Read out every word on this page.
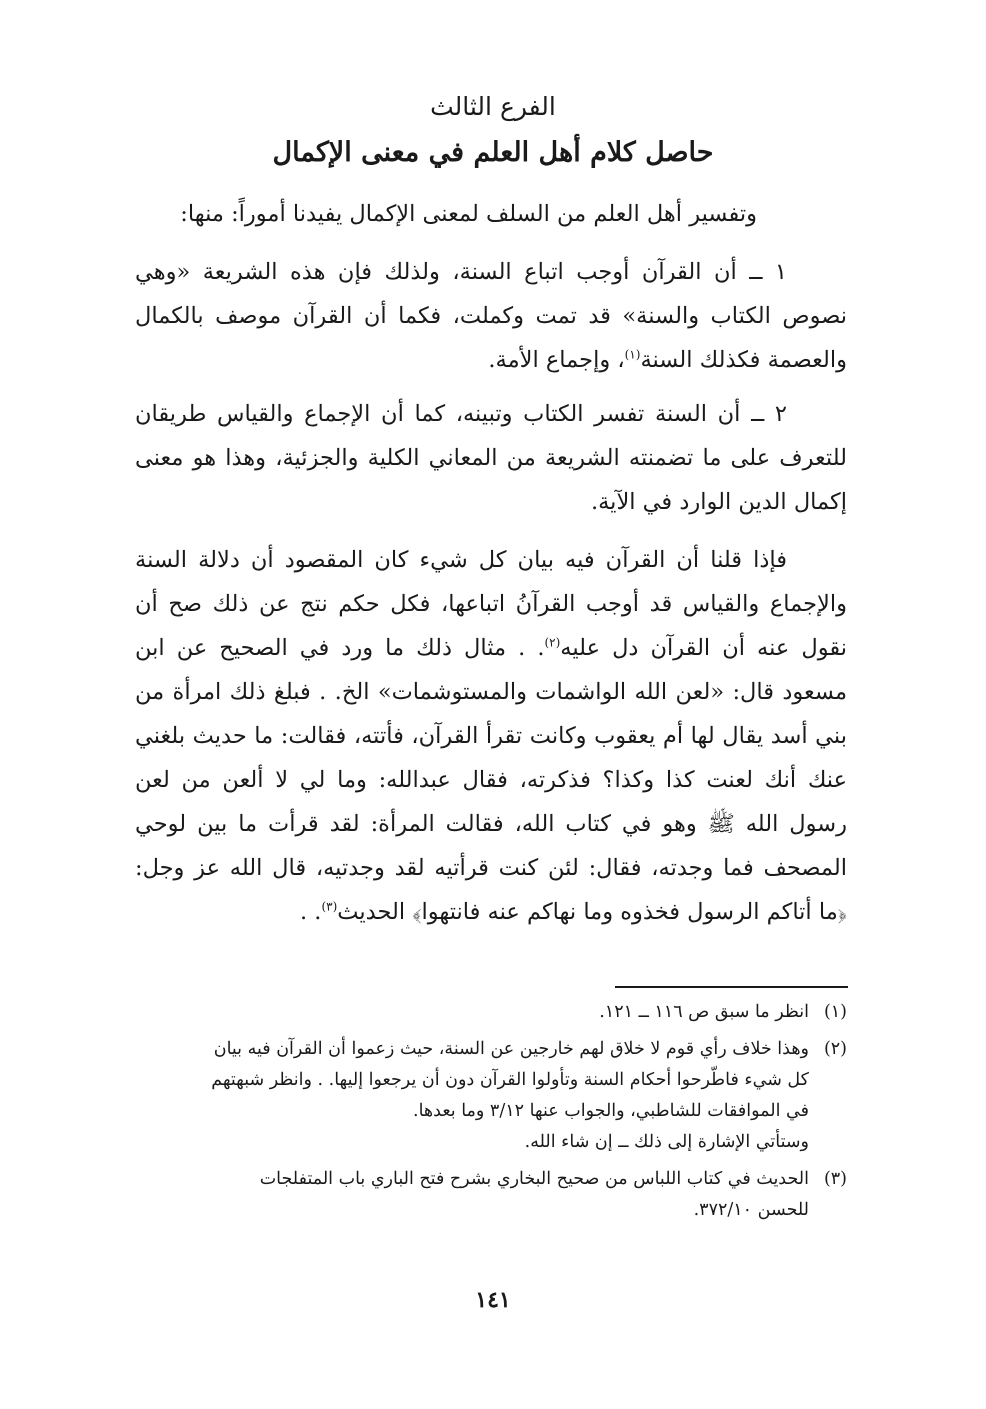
الفرع الثالث
حاصل كلام أهل العلم في معنى الإكمال
وتفسير أهل العلم من السلف لمعنى الإكمال يفيدنا أموراً: منها:
١ ــ أن القرآن أوجب اتباع السنة، ولذلك فإن هذه الشريعة «وهي نصوص الكتاب والسنة» قد تمت وكملت، فكما أن القرآن موصف بالكمال والعصمة فكذلك السنة$^{(١)}$، وإجماع الأمة.
٢ ــ أن السنة تفسر الكتاب وتبينه، كما أن الإجماع والقياس طريقان للتعرف على ما تضمنته الشريعة من المعاني الكلية والجزئية، وهذا هو معنى إكمال الدين الوارد في الآية.
فإذا قلنا أن القرآن فيه بيان كل شيء كان المقصود أن دلالة السنة والإجماع والقياس قد أوجب القرآنُ اتباعها، فكل حكم نتج عن ذلك صح أن نقول عنه أن القرآن دل عليه$^{(٢)}$. . مثال ذلك ما ورد في الصحيح عن ابن مسعود قال: «لعن الله الواشمات والمستوشمات» الخ. . فبلغ ذلك امرأة من بني أسد يقال لها أم يعقوب وكانت تقرأ القرآن، فأتته، فقالت: ما حديث بلغني عنك أنك لعنت كذا وكذا؟ فذكرته، فقال عبدالله: وما لي لا ألعن من لعن رسول الله ﷺ وهو في كتاب الله، فقالت المرأة: لقد قرأت ما بين لوحي المصحف فما وجدته، فقال: لئن كنت قرأتيه لقد وجدتيه، قال الله عز وجل: ﴿ما أتاكم الرسول فخذوه وما نهاكم عنه فانتهوا﴾ الحديث$^{(٣)}$. .
(١)
انظر ما سبق ص ١١٦ ــ ١٢١.
(٢)
وهذا خلاف رأي قوم لا خلاق لهم خارجين عن السنة، حيث زعموا أن القرآن فيه بيان
كل شيء فاطّرحوا أحكام السنة وتأولوا القرآن دون أن يرجعوا إليها. . وانظر شبهتهم
في الموافقات للشاطبي، والجواب عنها ٣/١٢ وما بعدها.
وستأتي الإشارة إلى ذلك ــ إن شاء الله.
(٣)
الحديث في كتاب اللباس من صحيح البخاري بشرح فتح الباري باب المتفلجات
للحسن ٣٧٢/١٠.
١٤١
